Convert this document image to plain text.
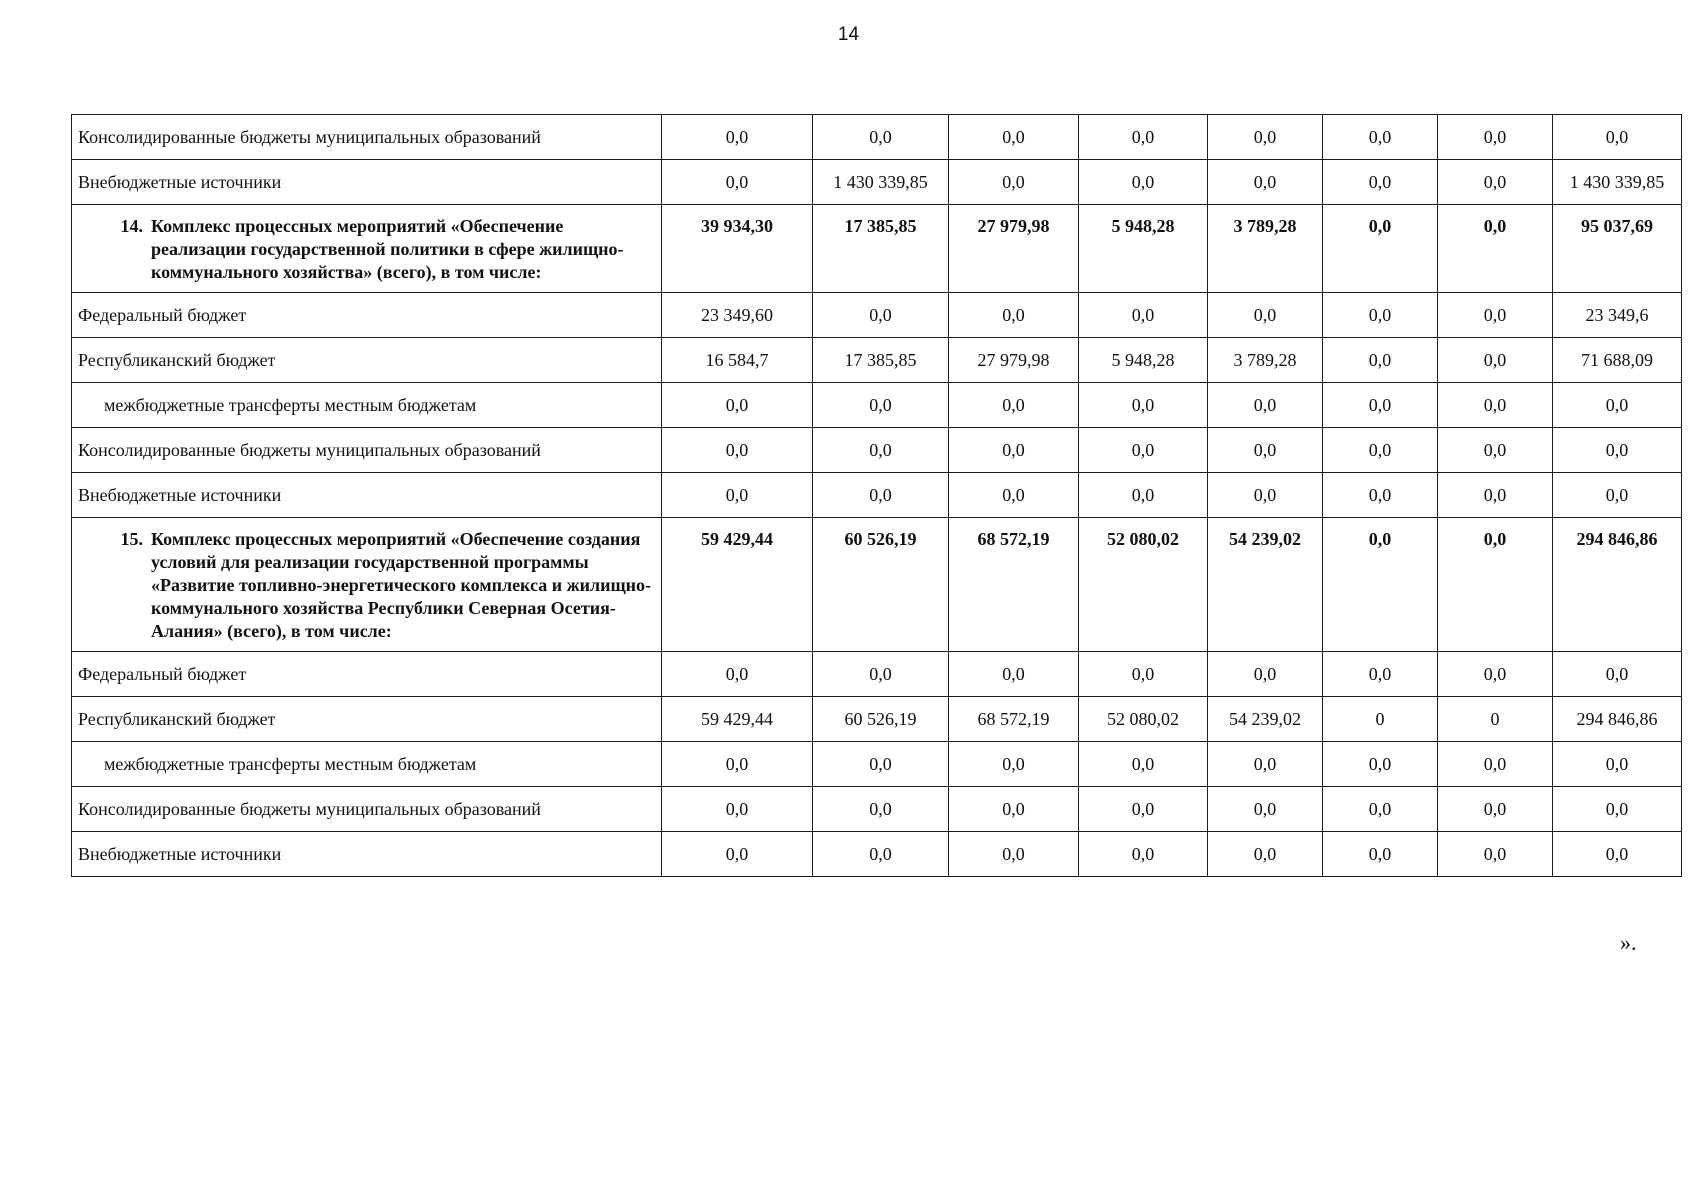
14
Консолидированные бюджеты муниципальных образований	0,0	0,0	0,0	0,0	0,0	0,0	0,0	0,0
Внебюджетные источники	0,0	1 430 339,85	0,0	0,0	0,0	0,0	0,0	1 430 339,85

14. Комплекс процессных мероприятий «Обеспечение реализации государственной политики в сфере жилищно-коммунального хозяйства» (всего), в том числе:	39 934,30	17 385,85	27 979,98	5 948,28	3 789,28	0,0	0,0	95 037,69
Федеральный бюджет	23 349,60	0,0	0,0	0,0	0,0	0,0	0,0	23 349,6
Республиканский бюджет	16 584,7	17 385,85	27 979,98	5 948,28	3 789,28	0,0	0,0	71 688,09
межбюджетные трансферты местным бюджетам	0,0	0,0	0,0	0,0	0,0	0,0	0,0	0,0
Консолидированные бюджеты муниципальных образований	0,0	0,0	0,0	0,0	0,0	0,0	0,0	0,0
Внебюджетные источники	0,0	0,0	0,0	0,0	0,0	0,0	0,0	0,0

15. Комплекс процессных мероприятий «Обеспечение создания условий для реализации государственной программы «Развитие топливно-энергетического комплекса и жилищно-коммунального хозяйства Республики Северная Осетия-Алания» (всего), в том числе:	59 429,44	60 526,19	68 572,19	52 080,02	54 239,02	0,0	0,0	294 846,86
Федеральный бюджет	0,0	0,0	0,0	0,0	0,0	0,0	0,0	0,0
Республиканский бюджет	59 429,44	60 526,19	68 572,19	52 080,02	54 239,02	0	0	294 846,86
межбюджетные трансферты местным бюджетам	0,0	0,0	0,0	0,0	0,0	0,0	0,0	0,0
Консолидированные бюджеты муниципальных образований	0,0	0,0	0,0	0,0	0,0	0,0	0,0	0,0
Внебюджетные источники	0,0	0,0	0,0	0,0	0,0	0,0	0,0	0,0
».
